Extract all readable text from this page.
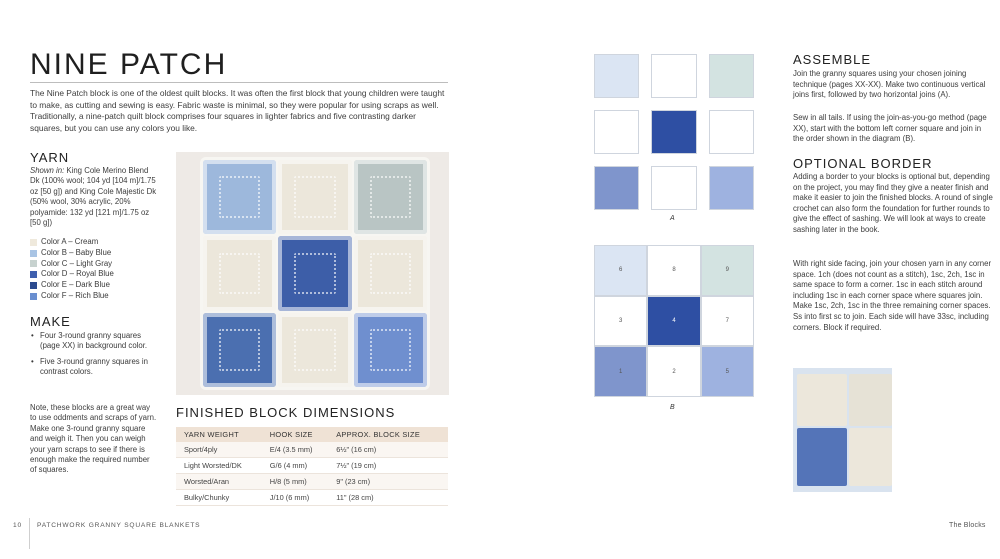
NINE PATCH
The Nine Patch block is one of the oldest quilt blocks. It was often the first block that young children were taught to make, as cutting and sewing is easy. Fabric waste is minimal, so they were popular for using scraps as well. Traditionally, a nine-patch quilt block comprises four squares in lighter fabrics and five contrasting darker squares, but you can use any colors you like.
YARN
Shown in: King Cole Merino Blend Dk (100% wool; 104 yd [104 m]/1.75 oz [50 g]) and King Cole Majestic Dk (50% wool, 30% acrylic, 20% polyamide: 132 yd [121 m]/1.75 oz [50 g])
Color A – Cream
Color B – Baby Blue
Color C – Light Gray
Color D – Royal Blue
Color E – Dark Blue
Color F – Rich Blue
MAKE
• Four 3-round granny squares (page XX) in background color.
• Five 3-round granny squares in contrast colors.
Note, these blocks are a great way to use oddments and scraps of yarn. Make one 3-round granny square and weigh it. Then you can weigh your yarn scraps to see if there is enough make the required number of squares.
FINISHED BLOCK DIMENSIONS
YARN WEIGHT	HOOK SIZE	APPROX. BLOCK SIZE
Sport/4ply	E/4 (3.5 mm)	6½" (16 cm)
Light Worsted/DK	G/6 (4 mm)	7½" (19 cm)
Worsted/Aran	H/8 (5 mm)	9" (23 cm)
Bulky/Chunky	J/10 (6 mm)	11" (28 cm)
10 PATCHWORK GRANNY SQUARE BLANKETS
A
6	8	9
3	4	7
1	2	5
B
ASSEMBLE
Join the granny squares using your chosen joining technique (pages XX-XX). Make two continuous vertical joins first, followed by two horizontal joins (A).
Sew in all tails. If using the join-as-you-go method (page XX), start with the bottom left corner square and join in the order shown in the diagram (B).
OPTIONAL BORDER
Adding a border to your blocks is optional but, depending on the project, you may find they give a neater finish and make it easier to join the finished blocks. A round of single crochet can also form the foundation for further rounds to give the effect of sashing. We will look at ways to create sashing later in the book.
With right side facing, join your chosen yarn in any corner space. 1ch (does not count as a stitch), 1sc, 2ch, 1sc in same space to form a corner. 1sc in each stitch around including 1sc in each corner space where squares join. Make 1sc, 2ch, 1sc in the three remaining corner spaces. Ss into first sc to join. Each side will have 33sc, including corners. Block if required.
The Blocks
